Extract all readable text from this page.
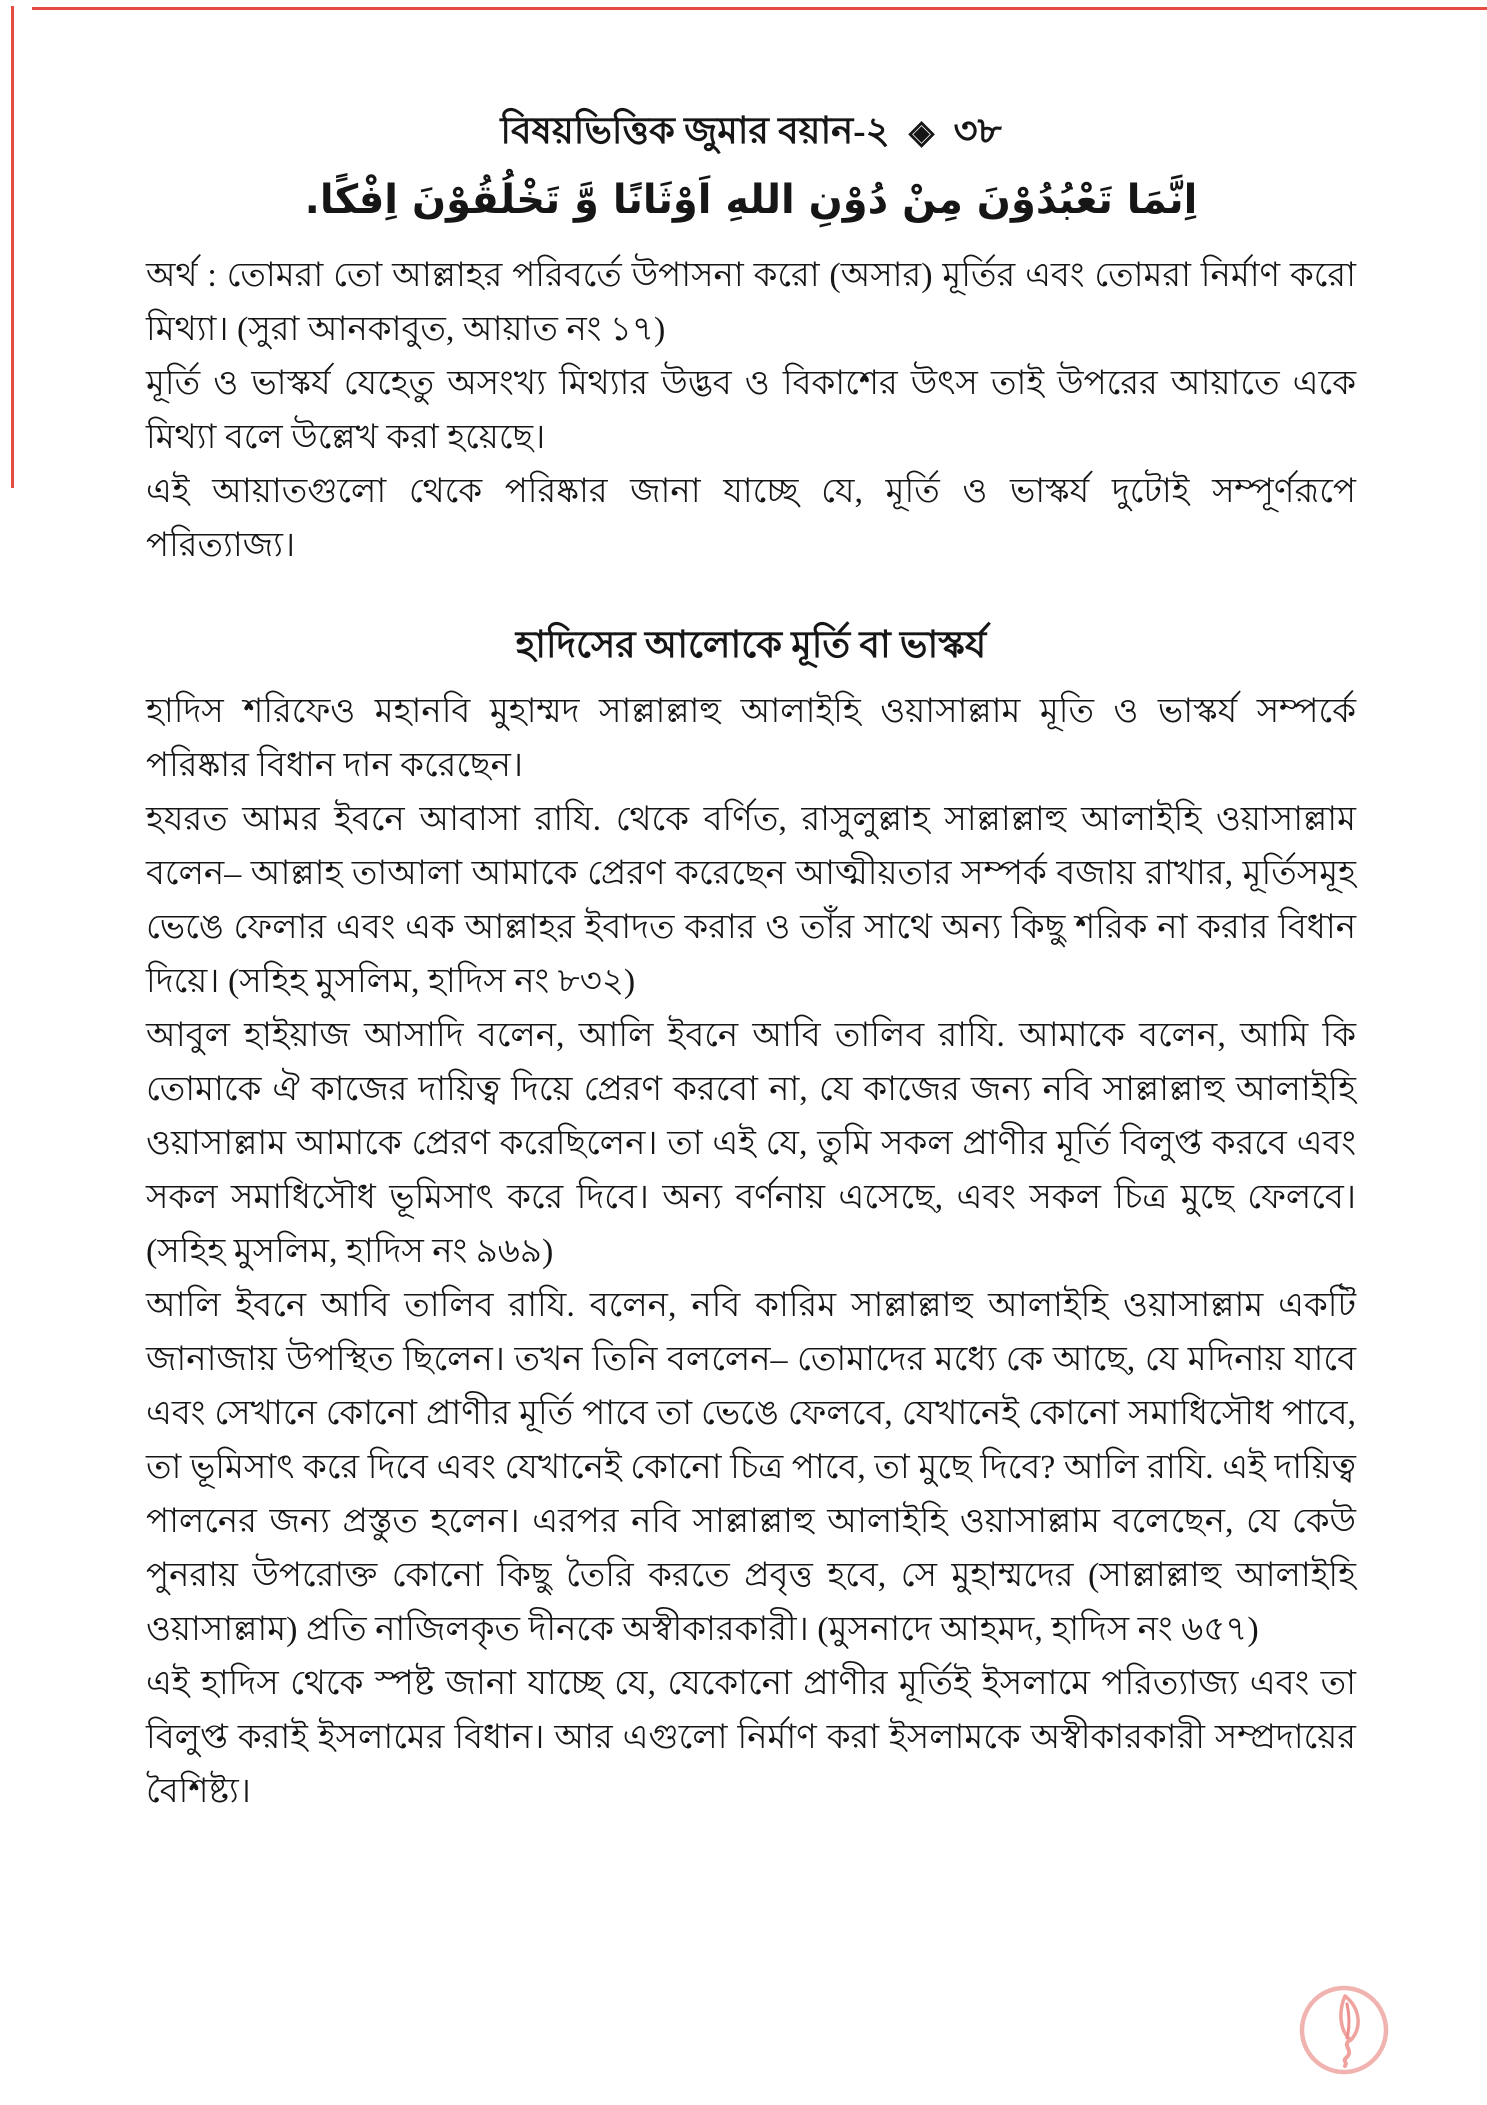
বিষয়ভিত্তিক জুমার বয়ান-২ ◈ ৩৮
اِنَّمَا تَعْبُدُوْنَ مِنْ دُوْنِ اللهِ اَوْثَانًا وَّ تَخْلُقُوْنَ اِفْكًا.

অর্থ : তোমরা তো আল্লাহর পরিবর্তে উপাসনা করো (অসার) মূর্তির এবং তোমরা নির্মাণ করো মিথ্যা। (সুরা আনকাবুত, আয়াত নং ১৭)

মূর্তি ও ভাস্কর্য যেহেতু অসংখ্য মিথ্যার উদ্ভব ও বিকাশের উৎস তাই উপরের আয়াতে একে মিথ্যা বলে উল্লেখ করা হয়েছে।

এই আয়াতগুলো থেকে পরিষ্কার জানা যাচ্ছে যে, মূর্তি ও ভাস্কর্য দুটোই সম্পূর্ণরূপে পরিত্যাজ্য।

হাদিসের আলোকে মূর্তি বা ভাস্কর্য

হাদিস শরিফেও মহানবি মুহাম্মদ সাল্লাল্লাহু আলাইহি ওয়াসাল্লাম মূতি ও ভাস্কর্য সম্পর্কে পরিষ্কার বিধান দান করেছেন।

হযরত আমর ইবনে আবাসা রাযি. থেকে বর্ণিত, রাসুলুল্লাহ সাল্লাল্লাহু আলাইহি ওয়াসাল্লাম বলেন– আল্লাহ তাআলা আমাকে প্রেরণ করেছেন আত্মীয়তার সম্পর্ক বজায় রাখার, মূর্তিসমূহ ভেঙে ফেলার এবং এক আল্লাহর ইবাদত করার ও তাঁর সাথে অন্য কিছু শরিক না করার বিধান দিয়ে। (সহিহ মুসলিম, হাদিস নং ৮৩২)

আবুল হাইয়াজ আসাদি বলেন, আলি ইবনে আবি তালিব রাযি. আমাকে বলেন, আমি কি তোমাকে ঐ কাজের দায়িত্ব দিয়ে প্রেরণ করবো না, যে কাজের জন্য নবি সাল্লাল্লাহু আলাইহি ওয়াসাল্লাম আমাকে প্রেরণ করেছিলেন। তা এই যে, তুমি সকল প্রাণীর মূর্তি বিলুপ্ত করবে এবং সকল সমাধিসৌধ ভূমিসাৎ করে দিবে। অন্য বর্ণনায় এসেছে, এবং সকল চিত্র মুছে ফেলবে। (সহিহ মুসলিম, হাদিস নং ৯৬৯)

আলি ইবনে আবি তালিব রাযি. বলেন, নবি কারিম সাল্লাল্লাহু আলাইহি ওয়াসাল্লাম একটি জানাজায় উপস্থিত ছিলেন। তখন তিনি বললেন– তোমাদের মধ্যে কে আছে, যে মদিনায় যাবে এবং সেখানে কোনো প্রাণীর মূর্তি পাবে তা ভেঙে ফেলবে, যেখানেই কোনো সমাধিসৌধ পাবে, তা ভূমিসাৎ করে দিবে এবং যেখানেই কোনো চিত্র পাবে, তা মুছে দিবে? আলি রাযি. এই দায়িত্ব পালনের জন্য প্রস্তুত হলেন। এরপর নবি সাল্লাল্লাহু আলাইহি ওয়াসাল্লাম বলেছেন, যে কেউ পুনরায় উপরোক্ত কোনো কিছু তৈরি করতে প্রবৃত্ত হবে, সে মুহাম্মদের (সাল্লাল্লাহু আলাইহি ওয়াসাল্লাম) প্রতি নাজিলকৃত দীনকে অস্বীকারকারী। (মুসনাদে আহমদ, হাদিস নং ৬৫৭)

এই হাদিস থেকে স্পষ্ট জানা যাচ্ছে যে, যেকোনো প্রাণীর মূর্তিই ইসলামে পরিত্যাজ্য এবং তা বিলুপ্ত করাই ইসলামের বিধান। আর এগুলো নির্মাণ করা ইসলামকে অস্বীকারকারী সম্প্রদায়ের বৈশিষ্ট্য।
